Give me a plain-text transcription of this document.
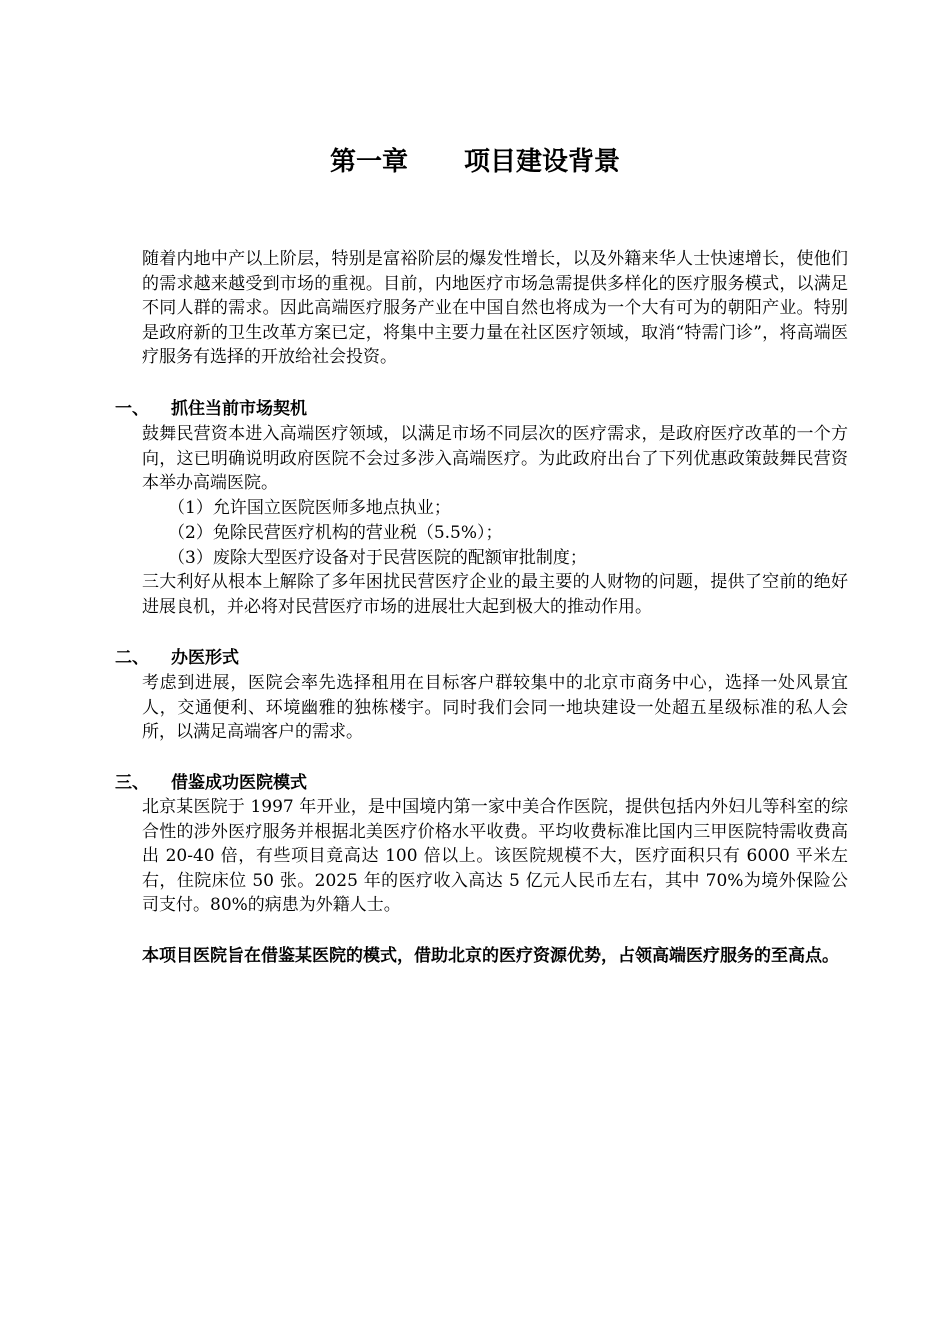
第一章 项目建设背景
随着内地中产以上阶层，特别是富裕阶层的爆发性增长，以及外籍来华人士快速增长，使他们的需求越来越受到市场的重视。目前，内地医疗市场急需提供多样化的医疗服务模式，以满足不同人群的需求。因此高端医疗服务产业在中国自然也将成为一个大有可为的朝阳产业。特别是政府新的卫生改革方案已定，将集中主要力量在社区医疗领域，取消“特需门诊”，将高端医疗服务有选择的开放给社会投资。
一、 抓住当前市场契机
鼓舞民营资本进入高端医疗领域，以满足市场不同层次的医疗需求，是政府医疗改革的一个方向，这已明确说明政府医院不会过多涉入高端医疗。为此政府出台了下列优惠政策鼓舞民营资本举办高端医院。
（1）允许国立医院医师多地点执业；
（2）免除民营医疗机构的营业税（5.5%）；
（3）废除大型医疗设备对于民营医院的配额审批制度；
三大利好从根本上解除了多年困扰民营医疗企业的最主要的人财物的问题，提供了空前的绝好进展良机，并必将对民营医疗市场的进展壮大起到极大的推动作用。
二、 办医形式
考虑到进展，医院会率先选择租用在目标客户群较集中的北京市商务中心，选择一处风景宜人，交通便利、环境幽雅的独栋楼宇。同时我们会同一地块建设一处超五星级标准的私人会所，以满足高端客户的需求。
三、 借鉴成功医院模式
北京某医院于 1997 年开业，是中国境内第一家中美合作医院，提供包括内外妇儿等科室的综合性的涉外医疗服务并根据北美医疗价格水平收费。平均收费标准比国内三甲医院特需收费高出 20-40 倍，有些项目竟高达 100 倍以上。该医院规模不大，医疗面积只有 6000 平米左右，住院床位 50 张。2025 年的医疗收入高达 5 亿元人民币左右，其中 70%为境外保险公司支付。80%的病患为外籍人士。
本项目医院旨在借鉴某医院的模式，借助北京的医疗资源优势，占领高端医疗服务的至高点。
